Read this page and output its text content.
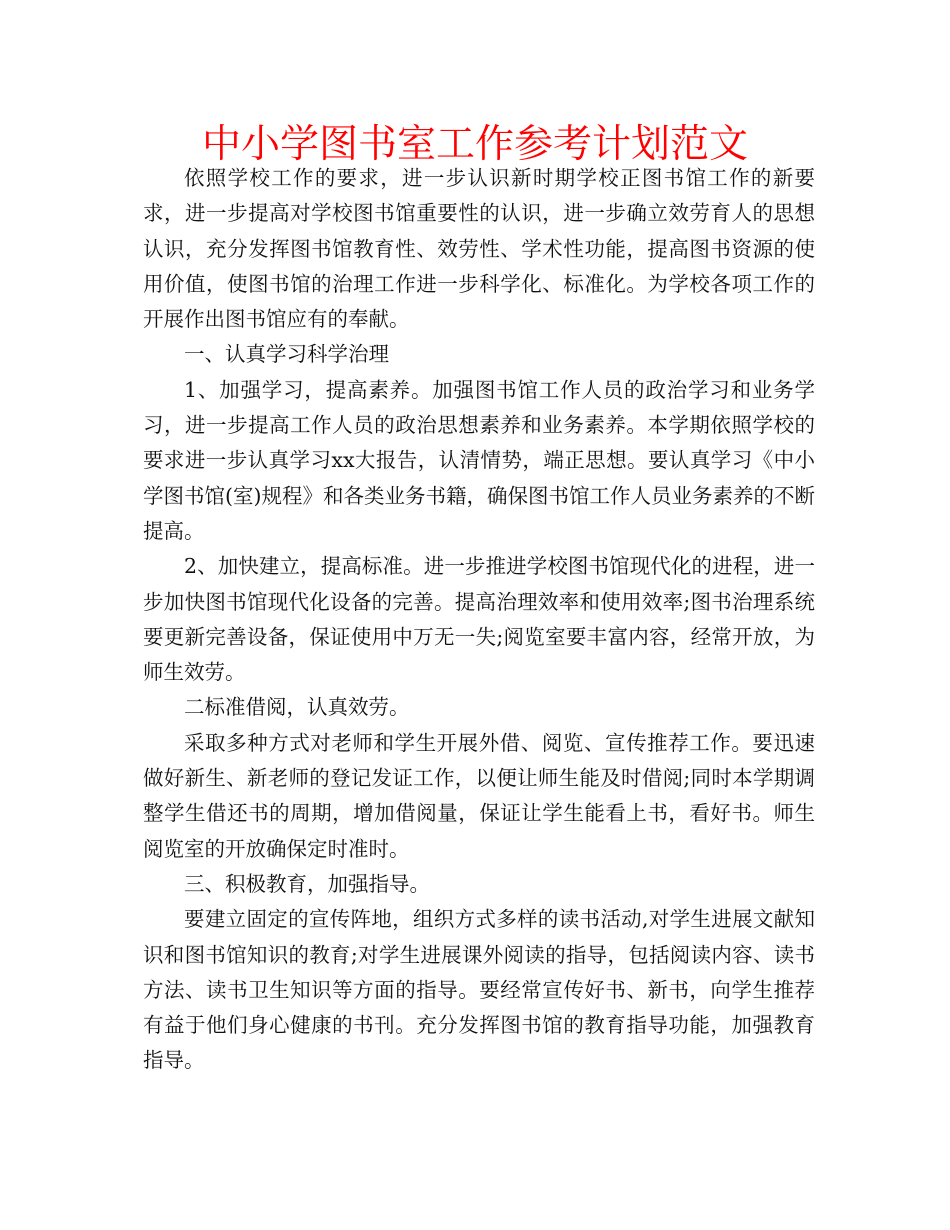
中小学图书室工作参考计划范文

依照学校工作的要求，进一步认识新时期学校正图书馆工作的新要求，进一步提高对学校图书馆重要性的认识，进一步确立效劳育人的思想认识，充分发挥图书馆教育性、效劳性、学术性功能，提高图书资源的使用价值，使图书馆的治理工作进一步科学化、标准化。为学校各项工作的开展作出图书馆应有的奉献。

一、认真学习科学治理

1、加强学习，提高素养。加强图书馆工作人员的政治学习和业务学习，进一步提高工作人员的政治思想素养和业务素养。本学期依照学校的要求进一步认真学习xx大报告，认清情势，端正思想。要认真学习《中小学图书馆(室)规程》和各类业务书籍，确保图书馆工作人员业务素养的不断提高。

2、加快建立，提高标准。进一步推进学校图书馆现代化的进程，进一步加快图书馆现代化设备的完善。提高治理效率和使用效率;图书治理系统要更新完善设备，保证使用中万无一失;阅览室要丰富内容，经常开放，为师生效劳。

二标准借阅，认真效劳。

采取多种方式对老师和学生开展外借、阅览、宣传推荐工作。要迅速做好新生、新老师的登记发证工作，以便让师生能及时借阅;同时本学期调整学生借还书的周期，增加借阅量，保证让学生能看上书，看好书。师生阅览室的开放确保定时准时。

三、积极教育，加强指导。

要建立固定的宣传阵地，组织方式多样的读书活动,对学生进展文献知识和图书馆知识的教育;对学生进展课外阅读的指导，包括阅读内容、读书方法、读书卫生知识等方面的指导。要经常宣传好书、新书，向学生推荐有益于他们身心健康的书刊。充分发挥图书馆的教育指导功能，加强教育指导。
